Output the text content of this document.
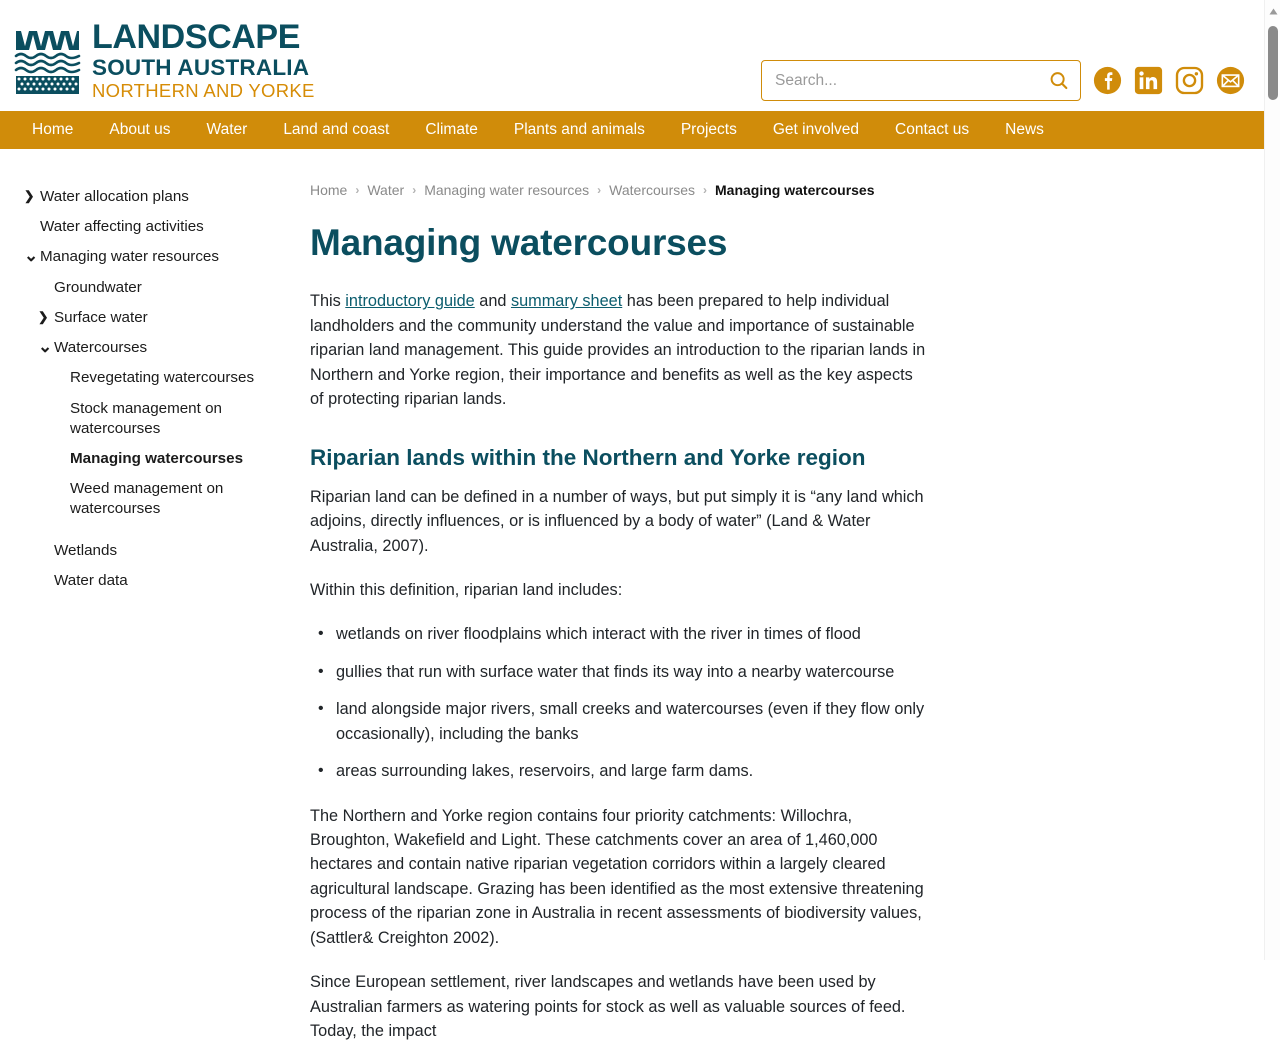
LANDSCAPE
SOUTH AUSTRALIA
NORTHERN AND YORKE
Search...
Home	About us	Water	Land and coast	Climate	Plants and animals	Projects	Get involved	Contact us	News
❯ Water allocation plans
Water affecting activities
⌄ Managing water resources
Groundwater
❯ Surface water
⌄ Watercourses
Revegetating watercourses
Stock management on watercourses
Managing watercourses
Weed management on watercourses
Wetlands
Water data
Home › Water › Managing water resources › Watercourses › Managing watercourses
Managing watercourses

This introductory guide and summary sheet has been prepared to help individual landholders and the community understand the value and importance of sustainable riparian land management. This guide provides an introduction to the riparian lands in Northern and Yorke region, their importance and benefits as well as the key aspects of protecting riparian lands.

Riparian lands within the Northern and Yorke region

Riparian land can be defined in a number of ways, but put simply it is “any land which adjoins, directly influences, or is influenced by a body of water” (Land & Water Australia, 2007).

Within this definition, riparian land includes:

• wetlands on river floodplains which interact with the river in times of flood
• gullies that run with surface water that finds its way into a nearby watercourse
• land alongside major rivers, small creeks and watercourses (even if they flow only occasionally), including the banks
• areas surrounding lakes, reservoirs, and large farm dams.

The Northern and Yorke region contains four priority catchments: Willochra, Broughton, Wakefield and Light. These catchments cover an area of 1,460,000 hectares and contain native riparian vegetation corridors within a largely cleared agricultural landscape. Grazing has been identified as the most extensive threatening process of the riparian zone in Australia in recent assessments of biodiversity values, (Sattler& Creighton 2002).

Since European settlement, river landscapes and wetlands have been used by Australian farmers as watering points for stock as well as valuable sources of feed. Today, the impact
